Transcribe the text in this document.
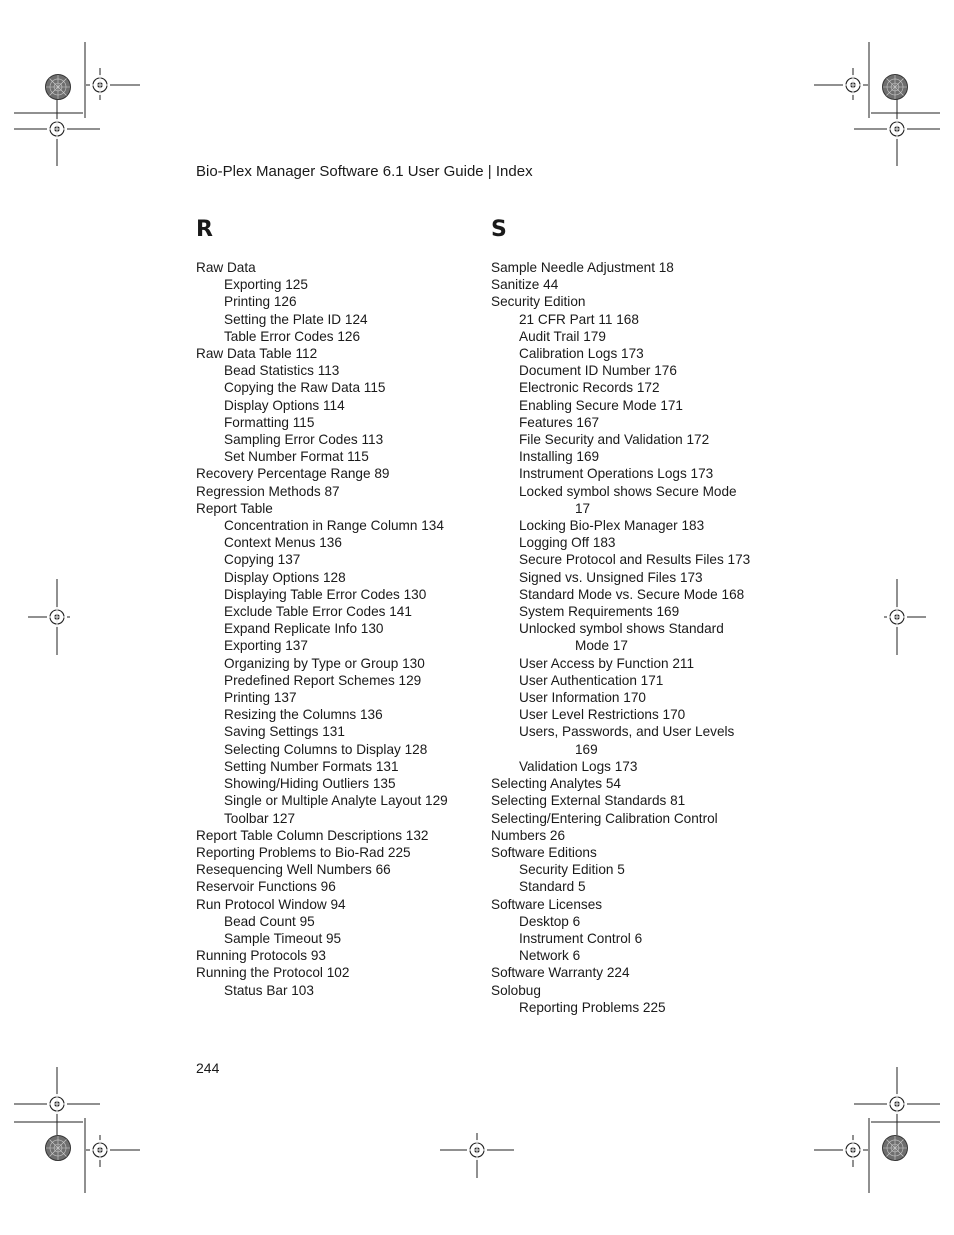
Bio-Plex Manager Software 6.1 User Guide | Index
R
Raw Data
Exporting 125
Printing 126
Setting the Plate ID 124
Table Error Codes 126
Raw Data Table 112
Bead Statistics 113
Copying the Raw Data 115
Display Options 114
Formatting 115
Sampling Error Codes 113
Set Number Format 115
Recovery Percentage Range 89
Regression Methods 87
Report Table
Concentration in Range Column 134
Context Menus 136
Copying 137
Display Options 128
Displaying Table Error Codes 130
Exclude Table Error Codes 141
Expand Replicate Info 130
Exporting 137
Organizing by Type or Group 130
Predefined Report Schemes 129
Printing 137
Resizing the Columns 136
Saving Settings 131
Selecting Columns to Display 128
Setting Number Formats 131
Showing/Hiding Outliers 135
Single or Multiple Analyte Layout 129
Toolbar 127
Report Table Column Descriptions 132
Reporting Problems to Bio-Rad 225
Resequencing Well Numbers 66
Reservoir Functions 96
Run Protocol Window 94
Bead Count 95
Sample Timeout 95
Running Protocols 93
Running the Protocol 102
Status Bar 103
S
Sample Needle Adjustment 18
Sanitize 44
Security Edition
21 CFR Part 11 168
Audit Trail 179
Calibration Logs 173
Document ID Number 176
Electronic Records 172
Enabling Secure Mode 171
Features 167
File Security and Validation 172
Installing 169
Instrument Operations Logs 173
Locked symbol shows Secure Mode
17
Locking Bio-Plex Manager 183
Logging Off 183
Secure Protocol and Results Files 173
Signed vs. Unsigned Files 173
Standard Mode vs. Secure Mode 168
System Requirements 169
Unlocked symbol shows Standard
Mode 17
User Access by Function 211
User Authentication 171
User Information 170
User Level Restrictions 170
Users, Passwords, and User Levels
169
Validation Logs 173
Selecting Analytes 54
Selecting External Standards 81
Selecting/Entering Calibration Control
Numbers 26
Software Editions
Security Edition 5
Standard 5
Software Licenses
Desktop 6
Instrument Control 6
Network 6
Software Warranty 224
Solobug
Reporting Problems 225
244
